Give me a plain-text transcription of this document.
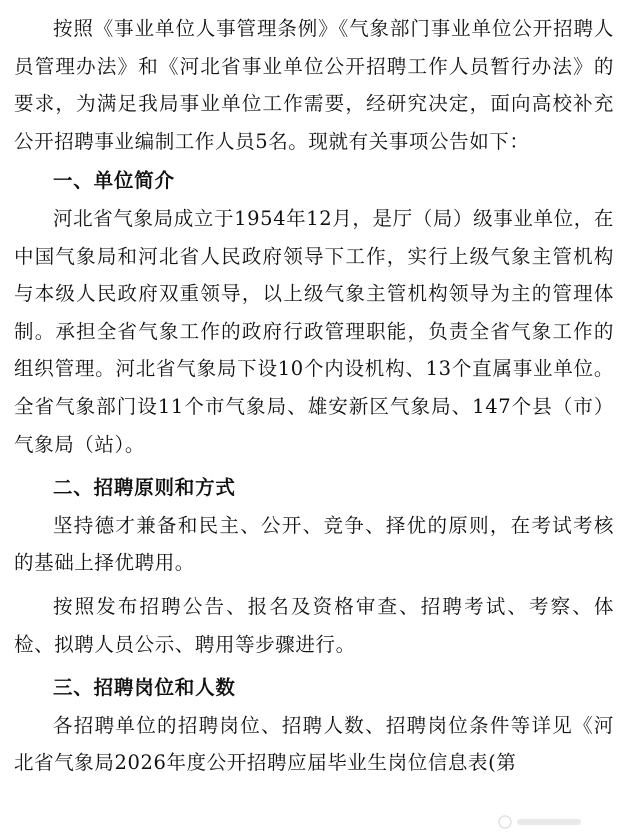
按照《事业单位人事管理条例》《气象部门事业单位公开招聘人员管理办法》和《河北省事业单位公开招聘工作人员暂行办法》的要求，为满足我局事业单位工作需要，经研究决定，面向高校补充公开招聘事业编制工作人员5名。现就有关事项公告如下：

一、单位简介

河北省气象局成立于1954年12月，是厅（局）级事业单位，在中国气象局和河北省人民政府领导下工作，实行上级气象主管机构与本级人民政府双重领导，以上级气象主管机构领导为主的管理体制。承担全省气象工作的政府行政管理职能，负责全省气象工作的组织管理。河北省气象局下设10个内设机构、13个直属事业单位。全省气象部门设11个市气象局、雄安新区气象局、147个县（市）气象局（站）。

二、招聘原则和方式

坚持德才兼备和民主、公开、竞争、择优的原则，在考试考核的基础上择优聘用。

按照发布招聘公告、报名及资格审查、招聘考试、考察、体检、拟聘人员公示、聘用等步骤进行。

三、招聘岗位和人数

各招聘单位的招聘岗位、招聘人数、招聘岗位条件等详见《河北省气象局2026年度公开招聘应届毕业生岗位信息表(第
